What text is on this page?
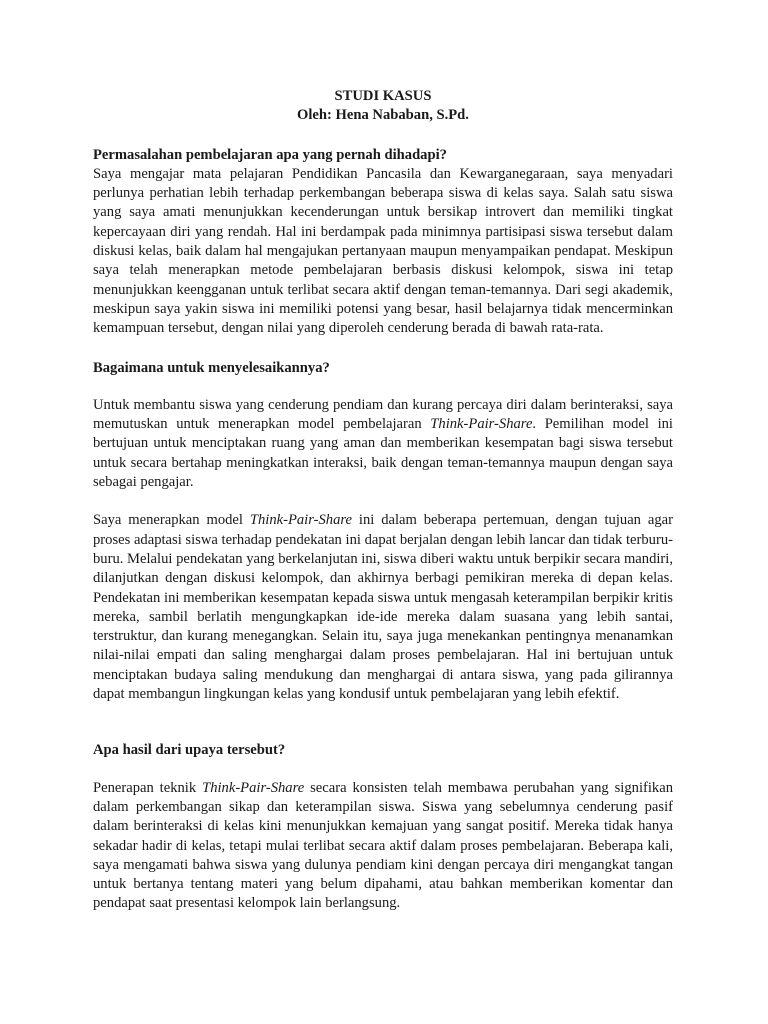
STUDI KASUS

Oleh: Hena Nababan, S.Pd.

Permasalahan pembelajaran apa yang pernah dihadapi?

Saya mengajar mata pelajaran Pendidikan Pancasila dan Kewarganegaraan, saya menyadari perlunya perhatian lebih terhadap perkembangan beberapa siswa di kelas saya. Salah satu siswa yang saya amati menunjukkan kecenderungan untuk bersikap introvert dan memiliki tingkat kepercayaan diri yang rendah. Hal ini berdampak pada minimnya partisipasi siswa tersebut dalam diskusi kelas, baik dalam hal mengajukan pertanyaan maupun menyampaikan pendapat. Meskipun saya telah menerapkan metode pembelajaran berbasis diskusi kelompok, siswa ini tetap menunjukkan keengganan untuk terlibat secara aktif dengan teman-temannya. Dari segi akademik, meskipun saya yakin siswa ini memiliki potensi yang besar, hasil belajarnya tidak mencerminkan kemampuan tersebut, dengan nilai yang diperoleh cenderung berada di bawah rata-rata.

Bagaimana untuk menyelesaikannya?

Untuk membantu siswa yang cenderung pendiam dan kurang percaya diri dalam berinteraksi, saya memutuskan untuk menerapkan model pembelajaran Think-Pair-Share. Pemilihan model ini bertujuan untuk menciptakan ruang yang aman dan memberikan kesempatan bagi siswa tersebut untuk secara bertahap meningkatkan interaksi, baik dengan teman-temannya maupun dengan saya sebagai pengajar.

Saya menerapkan model Think-Pair-Share ini dalam beberapa pertemuan, dengan tujuan agar proses adaptasi siswa terhadap pendekatan ini dapat berjalan dengan lebih lancar dan tidak terburu-buru. Melalui pendekatan yang berkelanjutan ini, siswa diberi waktu untuk berpikir secara mandiri, dilanjutkan dengan diskusi kelompok, dan akhirnya berbagi pemikiran mereka di depan kelas. Pendekatan ini memberikan kesempatan kepada siswa untuk mengasah keterampilan berpikir kritis mereka, sambil berlatih mengungkapkan ide-ide mereka dalam suasana yang lebih santai, terstruktur, dan kurang menegangkan. Selain itu, saya juga menekankan pentingnya menanamkan nilai-nilai empati dan saling menghargai dalam proses pembelajaran. Hal ini bertujuan untuk menciptakan budaya saling mendukung dan menghargai di antara siswa, yang pada gilirannya dapat membangun lingkungan kelas yang kondusif untuk pembelajaran yang lebih efektif.

Apa hasil dari upaya tersebut?

Penerapan teknik Think-Pair-Share secara konsisten telah membawa perubahan yang signifikan dalam perkembangan sikap dan keterampilan siswa. Siswa yang sebelumnya cenderung pasif dalam berinteraksi di kelas kini menunjukkan kemajuan yang sangat positif. Mereka tidak hanya sekadar hadir di kelas, tetapi mulai terlibat secara aktif dalam proses pembelajaran. Beberapa kali, saya mengamati bahwa siswa yang dulunya pendiam kini dengan percaya diri mengangkat tangan untuk bertanya tentang materi yang belum dipahami, atau bahkan memberikan komentar dan pendapat saat presentasi kelompok lain berlangsung.
